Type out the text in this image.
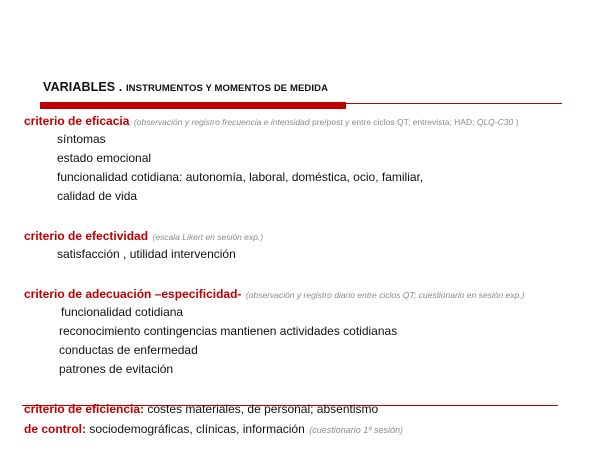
VARIABLES . INSTRUMENTOS Y MOMENTOS DE MEDIDA
criterio de eficacia (observación y registro frecuencia e intensidad pre/post y entre ciclos QT; entrevista; HAD; QLQ-C30 )
síntomas
estado emocional
funcionalidad cotidiana: autonomía, laboral, doméstica, ocio, familiar,
calidad de vida
criterio de efectividad (escala Likert en sesión exp.)
satisfacción , utilidad intervención
criterio de adecuación –especificidad- (observación y registro diario entre ciclos QT; cuestionario en sesión exp.)
funcionalidad cotidiana
reconocimiento contingencias mantienen actividades cotidianas
conductas de enfermedad
patrones de evitación
criterio de eficiencia: costes materiales, de personal; absentismo
de control: sociodemográficas, clínicas, información (cuestionario 1º sesión)
